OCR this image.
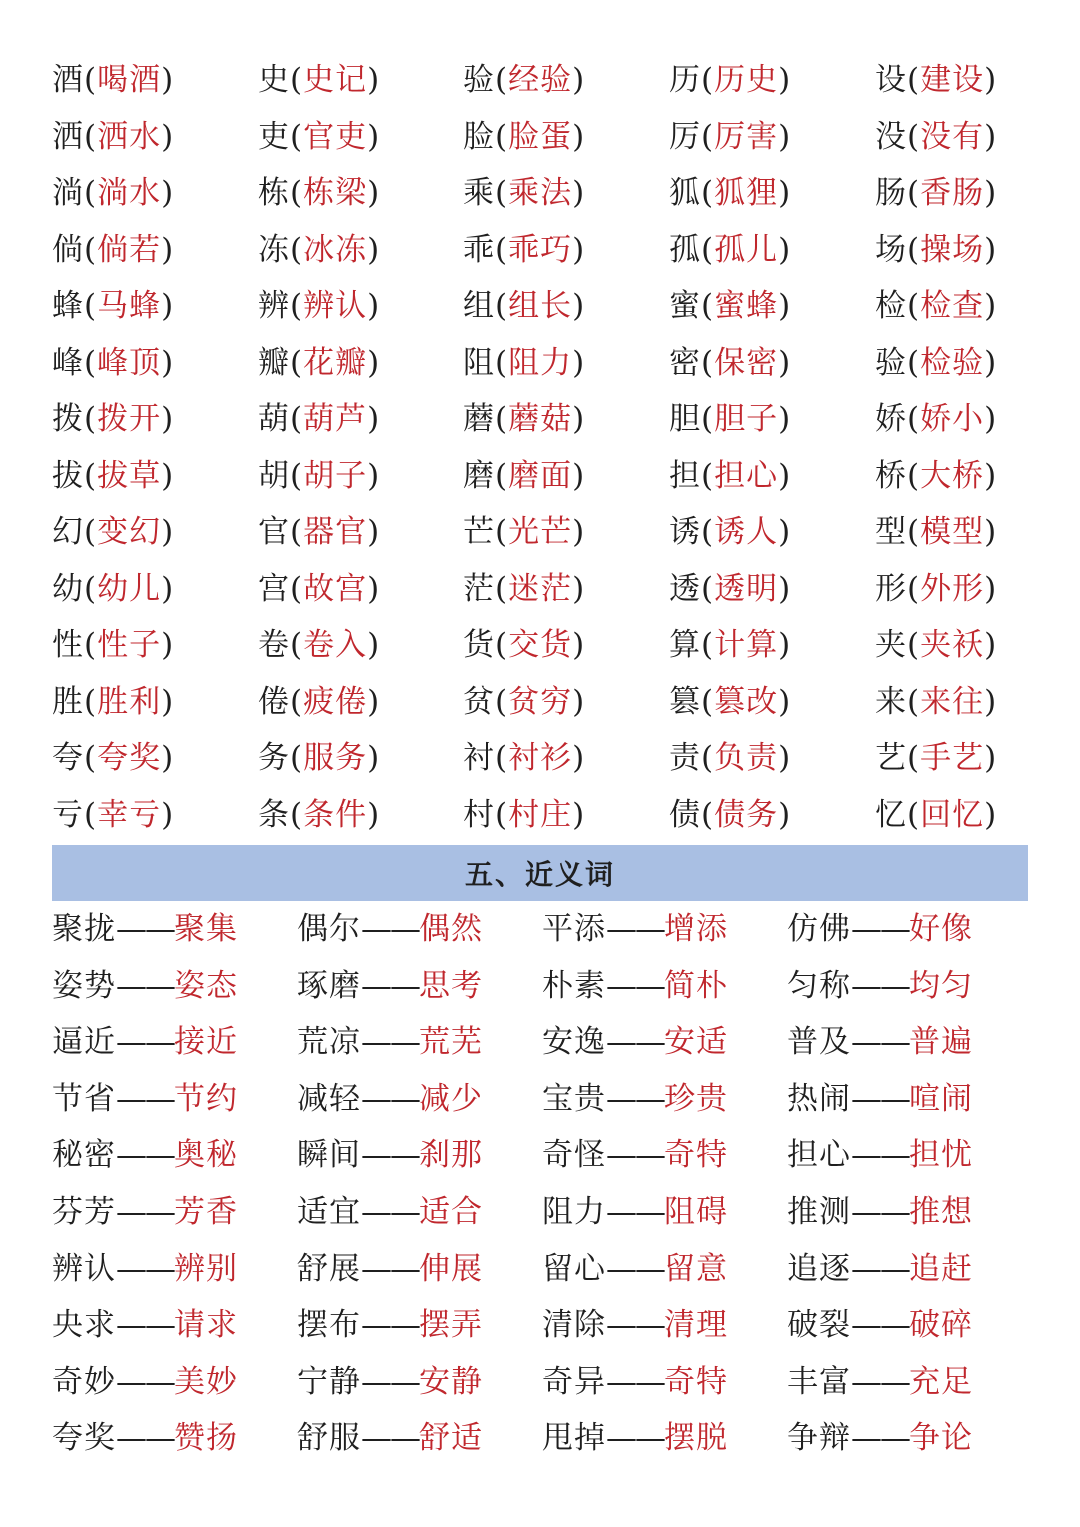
酒(喝酒)
洒(洒水)
淌(淌水)
倘(倘若)
蜂(马蜂)
峰(峰顶)
拨(拨开)
拔(拔草)
幻(变幻)
幼(幼儿)
性(性子)
胜(胜利)
夸(夸奖)
亏(幸亏)
史(史记)
吏(官吏)
栋(栋梁)
冻(冰冻)
辨(辨认)
瓣(花瓣)
葫(葫芦)
胡(胡子)
官(器官)
宫(故宫)
卷(卷入)
倦(疲倦)
务(服务)
条(条件)
验(经验)
脸(脸蛋)
乘(乘法)
乖(乖巧)
组(组长)
阻(阻力)
蘑(蘑菇)
磨(磨面)
芒(光芒)
茫(迷茫)
货(交货)
贫(贫穷)
衬(衬衫)
村(村庄)
历(历史)
厉(厉害)
狐(狐狸)
孤(孤儿)
蜜(蜜蜂)
密(保密)
胆(胆子)
担(担心)
诱(诱人)
透(透明)
算(计算)
篡(篡改)
责(负责)
债(债务)
设(建设)
没(没有)
肠(香肠)
场(操场)
检(检查)
验(检验)
娇(娇小)
桥(大桥)
型(模型)
形(外形)
夹(夹袄)
来(来往)
艺(手艺)
忆(回忆)
五、近义词
聚拢——聚集
姿势——姿态
逼近——接近
节省——节约
秘密——奥秘
芬芳——芳香
辨认——辨别
央求——请求
奇妙——美妙
夸奖——赞扬
偶尔——偶然
琢磨——思考
荒凉——荒芜
减轻——减少
瞬间——刹那
适宜——适合
舒展——伸展
摆布——摆弄
宁静——安静
舒服——舒适
平添——增添
朴素——简朴
安逸——安适
宝贵——珍贵
奇怪——奇特
阻力——阻碍
留心——留意
清除——清理
奇异——奇特
甩掉——摆脱
仿佛——好像
匀称——均匀
普及——普遍
热闹——喧闹
担心——担忧
推测——推想
追逐——追赶
破裂——破碎
丰富——充足
争辩——争论
